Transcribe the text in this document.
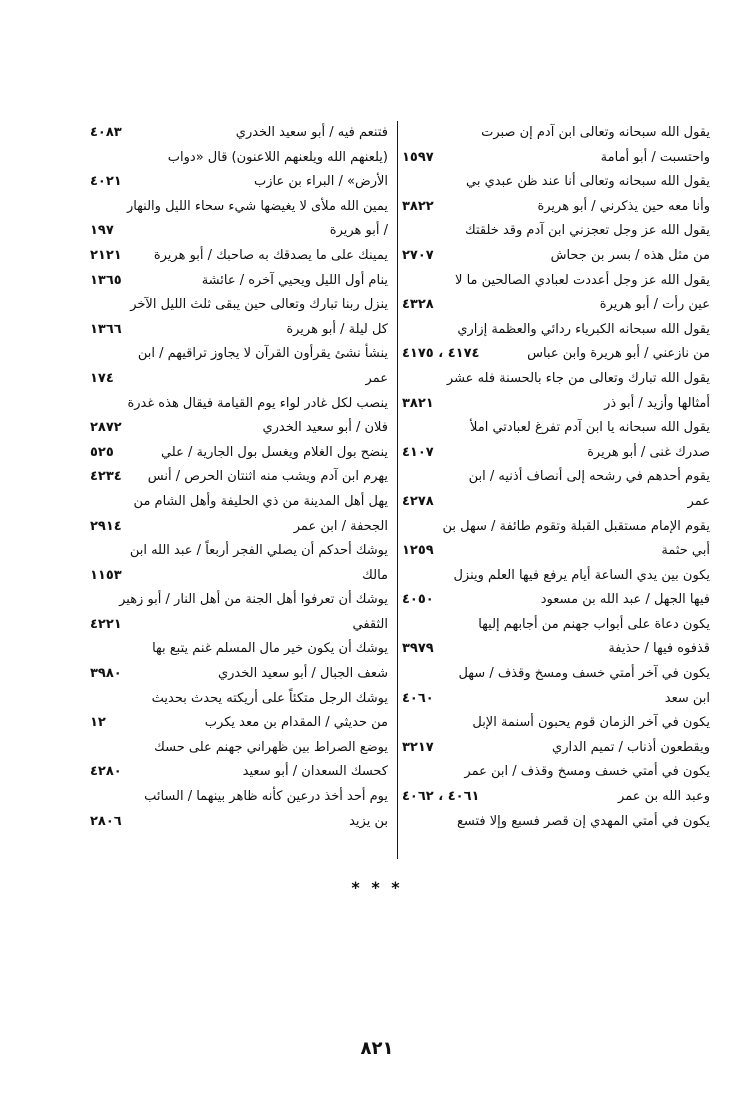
يقول الله سبحانه وتعالى ابن آدم إن صبرت
واحتسبت / أبو أمامة
١٥٩٧
يقول الله سبحانه وتعالى أنا عند ظن عبدي بي
وأنا معه حين يذكرني / أبو هريرة
٣٨٢٢
يقول الله عز وجل تعجزني ابن آدم وقد خلقتك
من مثل هذه / بسر بن جحاش
٢٧٠٧
يقول الله عز وجل أعددت لعبادي الصالحين ما لا
عين رأت / أبو هريرة
٤٣٢٨
يقول الله سبحانه الكبرياء ردائي والعظمة إزاري
من نازعني / أبو هريرة وابن عباس
٤١٧٤ ، ٤١٧٥
يقول الله تبارك وتعالى من جاء بالحسنة فله عشر
أمثالها وأزيد / أبو ذر
٣٨٢١
يقول الله سبحانه يا ابن آدم تفرغ لعبادتي املأ
صدرك غنى / أبو هريرة
٤١٠٧
يقوم أحدهم في رشحه إلى أنصاف أذنيه / ابن
عمر
٤٢٧٨
يقوم الإمام مستقبل القبلة وتقوم طائفة / سهل بن
أبي حثمة
١٢٥٩
يكون بين يدي الساعة أيام يرفع فيها العلم وينزل
فيها الجهل / عبد الله بن مسعود
٤٠٥٠
يكون دعاة على أبواب جهنم من أجابهم إليها
قذفوه فيها / حذيفة
٣٩٧٩
يكون في آخر أمتي خسف ومسخ وقذف / سهل
ابن سعد
٤٠٦٠
يكون في آخر الزمان قوم يحبون أسنمة الإبل
ويقطعون أذناب / تميم الداري
٣٢١٧
يكون في أمتي خسف ومسخ وقذف / ابن عمر
وعبد الله بن عمر
٤٠٦١ ، ٤٠٦٢
يكون في أمتي المهدي إن قصر فسبع وإلا فتسع
فتنعم فيه / أبو سعيد الخدري
٤٠٨٣
(يلعنهم الله ويلعنهم اللاعنون) قال «دواب
الأرض» / البراء بن عازب
٤٠٢١
يمين الله ملأى لا يغيضها شيء سحاء الليل والنهار
/ أبو هريرة
١٩٧
يمينك على ما يصدقك به صاحبك / أبو هريرة
٢١٢١
ينام أول الليل ويحيي آخره / عائشة
١٣٦٥
ينزل ربنا تبارك وتعالى حين يبقى ثلث الليل الآخر
كل ليلة / أبو هريرة
١٣٦٦
ينشأ نشئ يقرأون القرآن لا يجاوز تراقيهم / ابن
عمر
١٧٤
ينصب لكل غادر لواء يوم القيامة فيقال هذه غدرة
فلان / أبو سعيد الخدري
٢٨٧٢
ينضح بول الغلام ويغسل بول الجارية / علي
٥٢٥
يهرم ابن آدم ويشب منه اثنتان الحرص / أنس
٤٢٣٤
يهل أهل المدينة من ذي الحليفة وأهل الشام من
الجحفة / ابن عمر
٢٩١٤
يوشك أحدكم أن يصلي الفجر أربعاً / عبد الله ابن
مالك
١١٥٣
يوشك أن تعرفوا أهل الجنة من أهل النار / أبو زهير
الثقفي
٤٢٢١
يوشك أن يكون خير مال المسلم غنم يتبع بها
شعف الجبال / أبو سعيد الخدري
٣٩٨٠
يوشك الرجل متكئاً على أريكته يحدث بحديث
من حديثي / المقدام بن معد يكرب
١٢
يوضع الصراط بين ظهراني جهنم على حسك
كحسك السعدان / أبو سعيد
٤٢٨٠
يوم أحد أخذ درعين كأنه ظاهر بينهما / السائب
بن يزيد
٢٨٠٦
* * *
٨٢١
